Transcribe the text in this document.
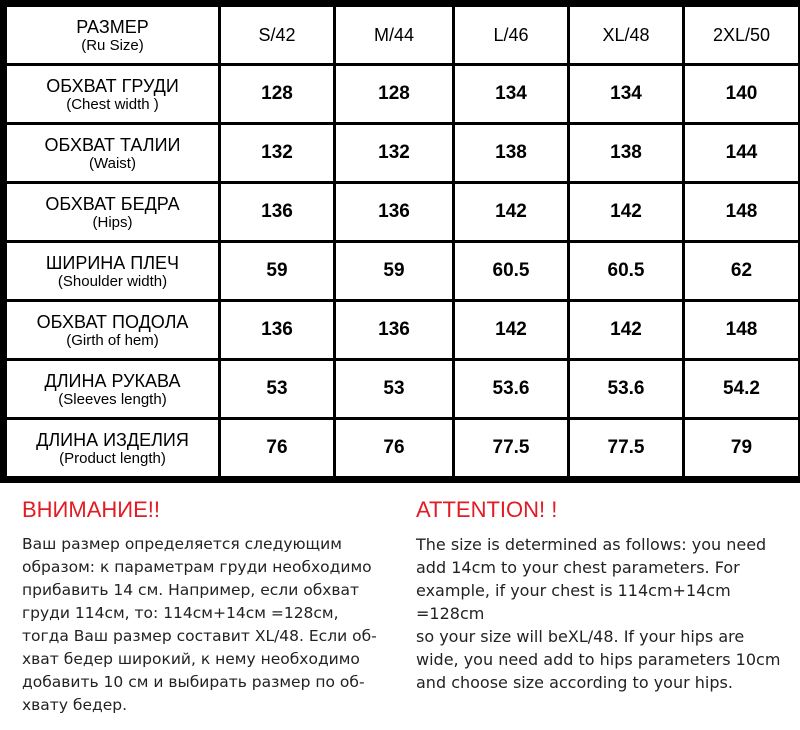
РАЗМЕР
(Ru Size)	S/42	M/44	L/46	XL/48	2XL/50

ОБХВАТ ГРУДИ
(Chest width )	128	128	134	134	140

ОБХВАТ ТАЛИИ
(Waist)	132	132	138	138	144

ОБХВАТ БЕДРА
(Hips)	136	136	142	142	148

ШИРИНА ПЛЕЧ
(Shoulder width)	59	59	60.5	60.5	62

ОБХВАТ ПОДОЛА
(Girth of hem)	136	136	142	142	148

ДЛИНА РУКАВА
(Sleeves length)	53	53	53.6	53.6	54.2

ДЛИНА ИЗДЕЛИЯ
(Product length)	76	76	77.5	77.5	79
ВНИМАНИЕ!!
Ваш размер определяется следующим
образом: к параметрам груди необходимо
прибавить 14 см. Например, если обхват
груди 114см, то: 114см+14см =128см,
тогда Ваш размер составит XL/48. Если об-
хват бедер широкий, к нему необходимо
добавить 10 см и выбирать размер по об-
хвату бедер.
ATTENTION! !
The size is determined as follows: you need
add 14cm to your chest parameters. For
example, if your chest is 114cm+14cm =128cm
so your size will beXL/48. If your hips are
wide, you need add to hips parameters 10cm
and choose size according to your hips.
